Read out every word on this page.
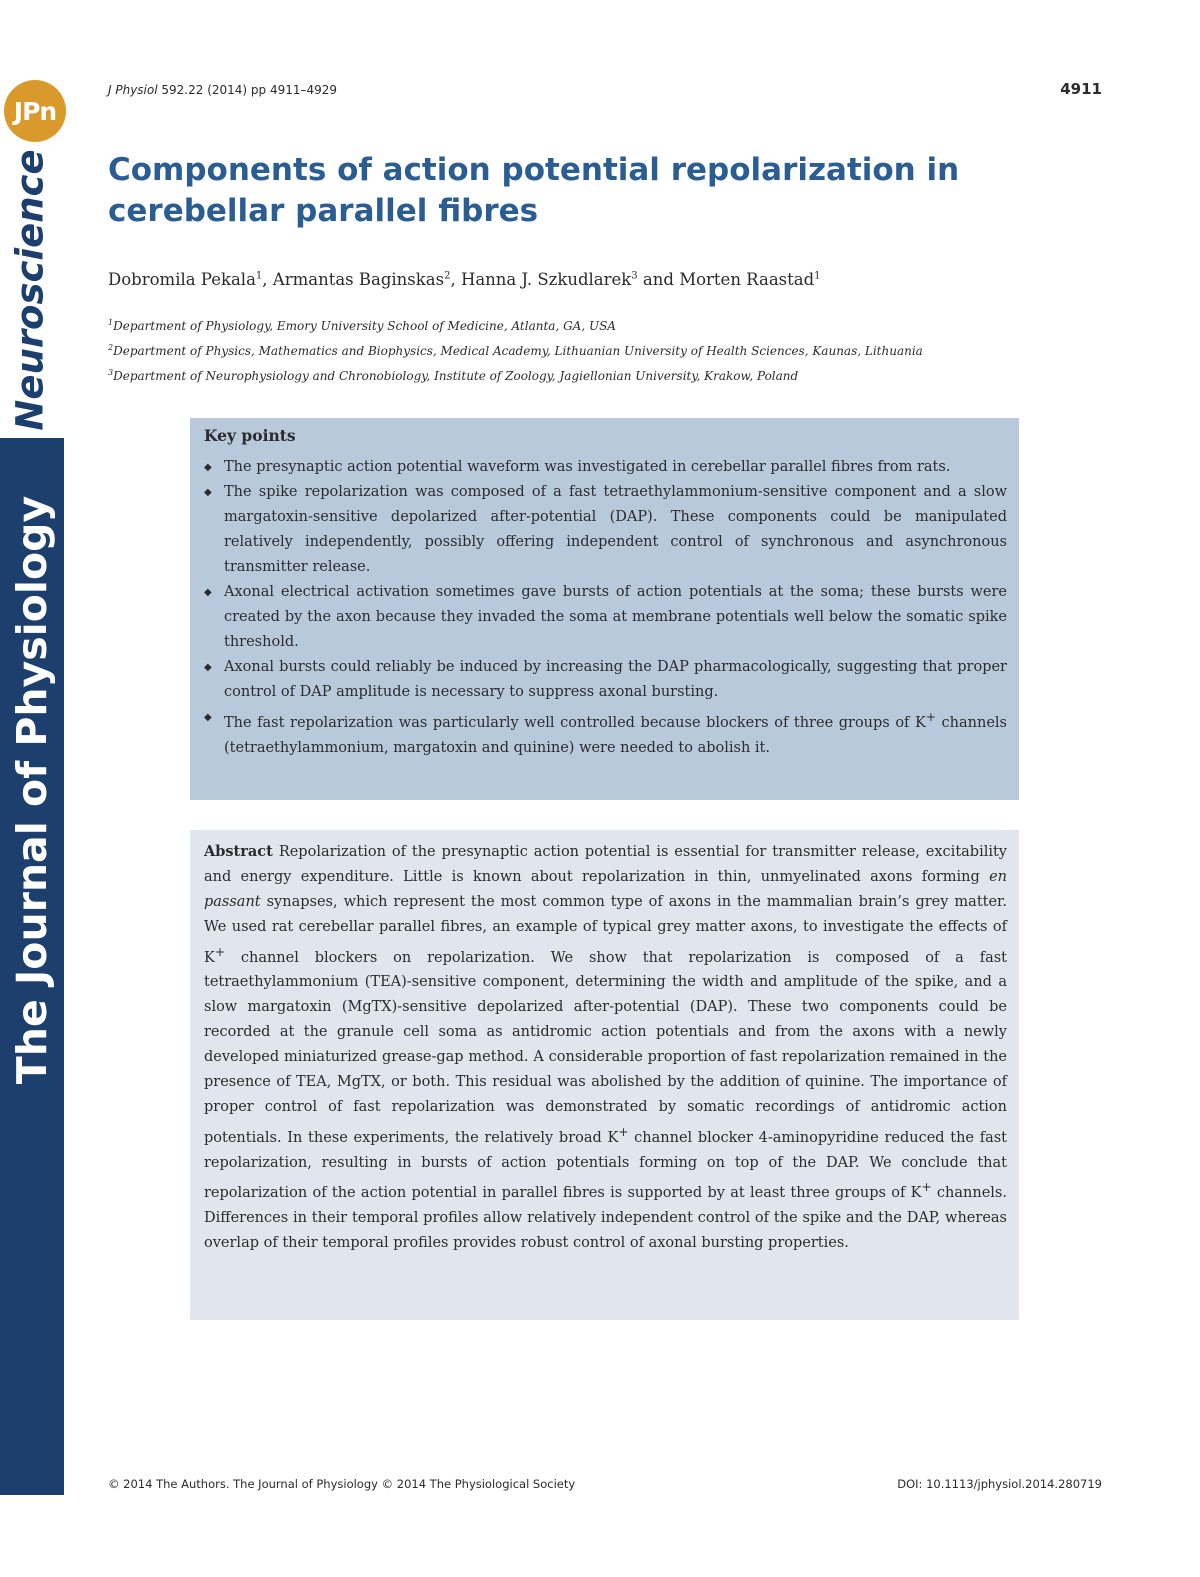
JPn
Neuroscience
The Journal of Physiology
J Physiol 592.22 (2014) pp 4911–4929	4911
Components of action potential repolarization in cerebellar parallel fibres

Dobromila Pekala$^1$, Armantas Baginskas$^2$, Hanna J. Szkudlarek$^3$ and Morten Raastad$^1$

$^1$Department of Physiology, Emory University School of Medicine, Atlanta, GA, USA
$^2$Department of Physics, Mathematics and Biophysics, Medical Academy, Lithuanian University of Health Sciences, Kaunas, Lithuania
$^3$Department of Neurophysiology and Chronobiology, Institute of Zoology, Jagiellonian University, Krakow, Poland
Key points
◆ The presynaptic action potential waveform was investigated in cerebellar parallel fibres from rats.
◆ The spike repolarization was composed of a fast tetraethylammonium-sensitive component and a slow margatoxin-sensitive depolarized after-potential (DAP). These components could be manipulated relatively independently, possibly offering independent control of synchronous and asynchronous transmitter release.
◆ Axonal electrical activation sometimes gave bursts of action potentials at the soma; these bursts were created by the axon because they invaded the soma at membrane potentials well below the somatic spike threshold.
◆ Axonal bursts could reliably be induced by increasing the DAP pharmacologically, suggesting that proper control of DAP amplitude is necessary to suppress axonal bursting.
◆ The fast repolarization was particularly well controlled because blockers of three groups of K+ channels (tetraethylammonium, margatoxin and quinine) were needed to abolish it.

Abstract Repolarization of the presynaptic action potential is essential for transmitter release, excitability and energy expenditure. Little is known about repolarization in thin, unmyelinated axons forming en passant synapses, which represent the most common type of axons in the mammalian brain’s grey matter. We used rat cerebellar parallel fibres, an example of typical grey matter axons, to investigate the effects of K+ channel blockers on repolarization. We show that repolarization is composed of a fast tetraethylammonium (TEA)-sensitive component, determining the width and amplitude of the spike, and a slow margatoxin (MgTX)-sensitive depolarized after-potential (DAP). These two components could be recorded at the granule cell soma as antidromic action potentials and from the axons with a newly developed miniaturized grease-gap method. A considerable proportion of fast repolarization remained in the presence of TEA, MgTX, or both. This residual was abolished by the addition of quinine. The importance of proper control of fast repolarization was demonstrated by somatic recordings of antidromic action potentials. In these experiments, the relatively broad K+ channel blocker 4-aminopyridine reduced the fast repolarization, resulting in bursts of action potentials forming on top of the DAP. We conclude that repolarization of the action potential in parallel fibres is supported by at least three groups of K+ channels. Differences in their temporal profiles allow relatively independent control of the spike and the DAP, whereas overlap of their temporal profiles provides robust control of axonal bursting properties.

© 2014 The Authors. The Journal of Physiology © 2014 The Physiological Society	DOI: 10.1113/jphysiol.2014.280719
